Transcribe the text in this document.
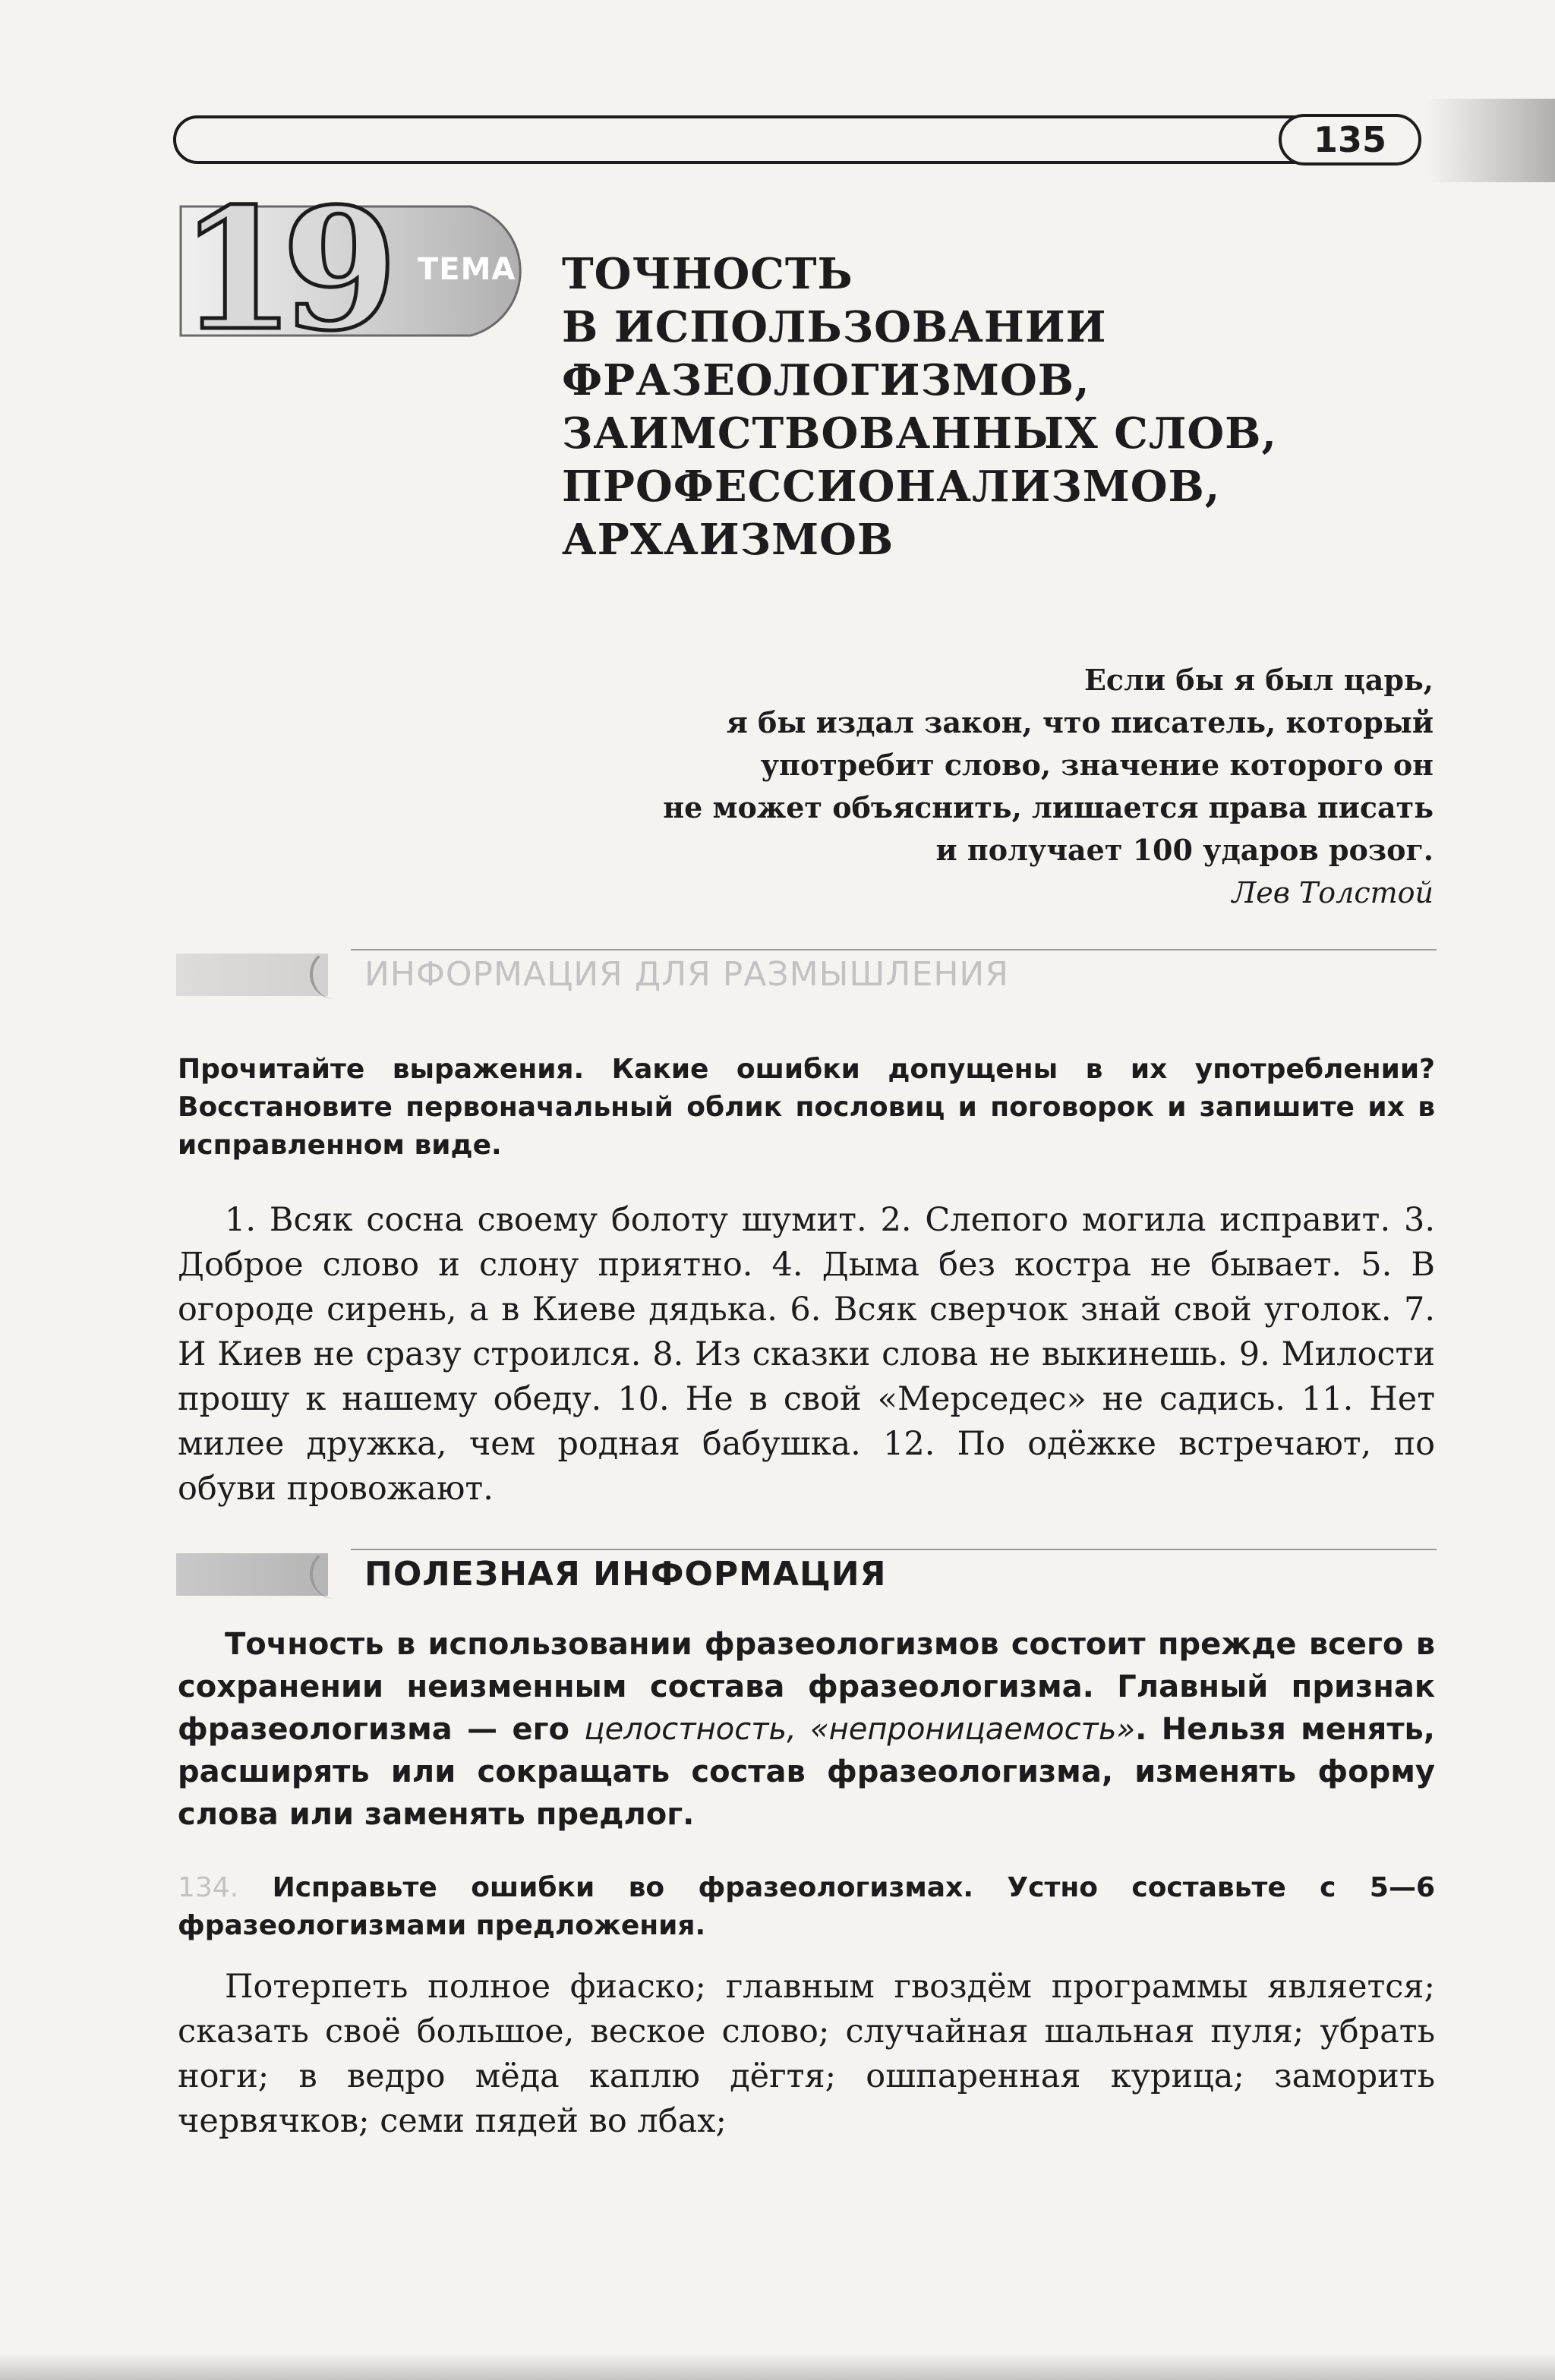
135
19	ТЕМА ТОЧНОСТЬ
В ИСПОЛЬЗОВАНИИ
ФРАЗЕОЛОГИЗМОВ,
ЗАИМСТВОВАННЫХ СЛОВ,
ПРОФЕССИОНАЛИЗМОВ,
АРХАИЗМОВ
Если бы я был царь,
я бы издал закон, что писатель, который
употребит слово, значение которого он
не может объяснить, лишается права писать
и получает 100 ударов розог.
Лев Толстой
ИНФОРМАЦИЯ ДЛЯ РАЗМЫШЛЕНИЯ

Прочитайте выражения. Какие ошибки допущены в их употреблении? Восстановите первоначальный облик пословиц и поговорок и запишите их в исправленном виде.

1. Всяк сосна своему болоту шумит. 2. Слепого могила исправит. 3. Доброе слово и слону приятно. 4. Дыма без костра не бывает. 5. В огороде сирень, а в Киеве дядька. 6. Всяк сверчок знай свой уголок. 7. И Киев не сразу строился. 8. Из сказки слова не выкинешь. 9. Милости прошу к нашему обеду. 10. Не в свой «Мерседес» не садись. 11. Нет милее дружка, чем родная бабушка. 12. По одёжке встречают, по обуви провожают.

ПОЛЕЗНАЯ ИНФОРМАЦИЯ

Точность в использовании фразеологизмов состоит прежде всего в сохранении неизменным состава фразеологизма. Главный признак фразеологизма — его целостность, «непроницаемость». Нельзя менять, расширять или сокращать состав фразеологизма, изменять форму слова или заменять предлог.

134. Исправьте ошибки во фразеологизмах. Устно составьте с 5—6 фразеологизмами предложения.

Потерпеть полное фиаско; главным гвоздём программы является; сказать своё большое, веское слово; случайная шальная пуля; убрать ноги; в ведро мёда каплю дёгтя; ошпаренная курица; заморить червячков; семи пядей во лбах;
